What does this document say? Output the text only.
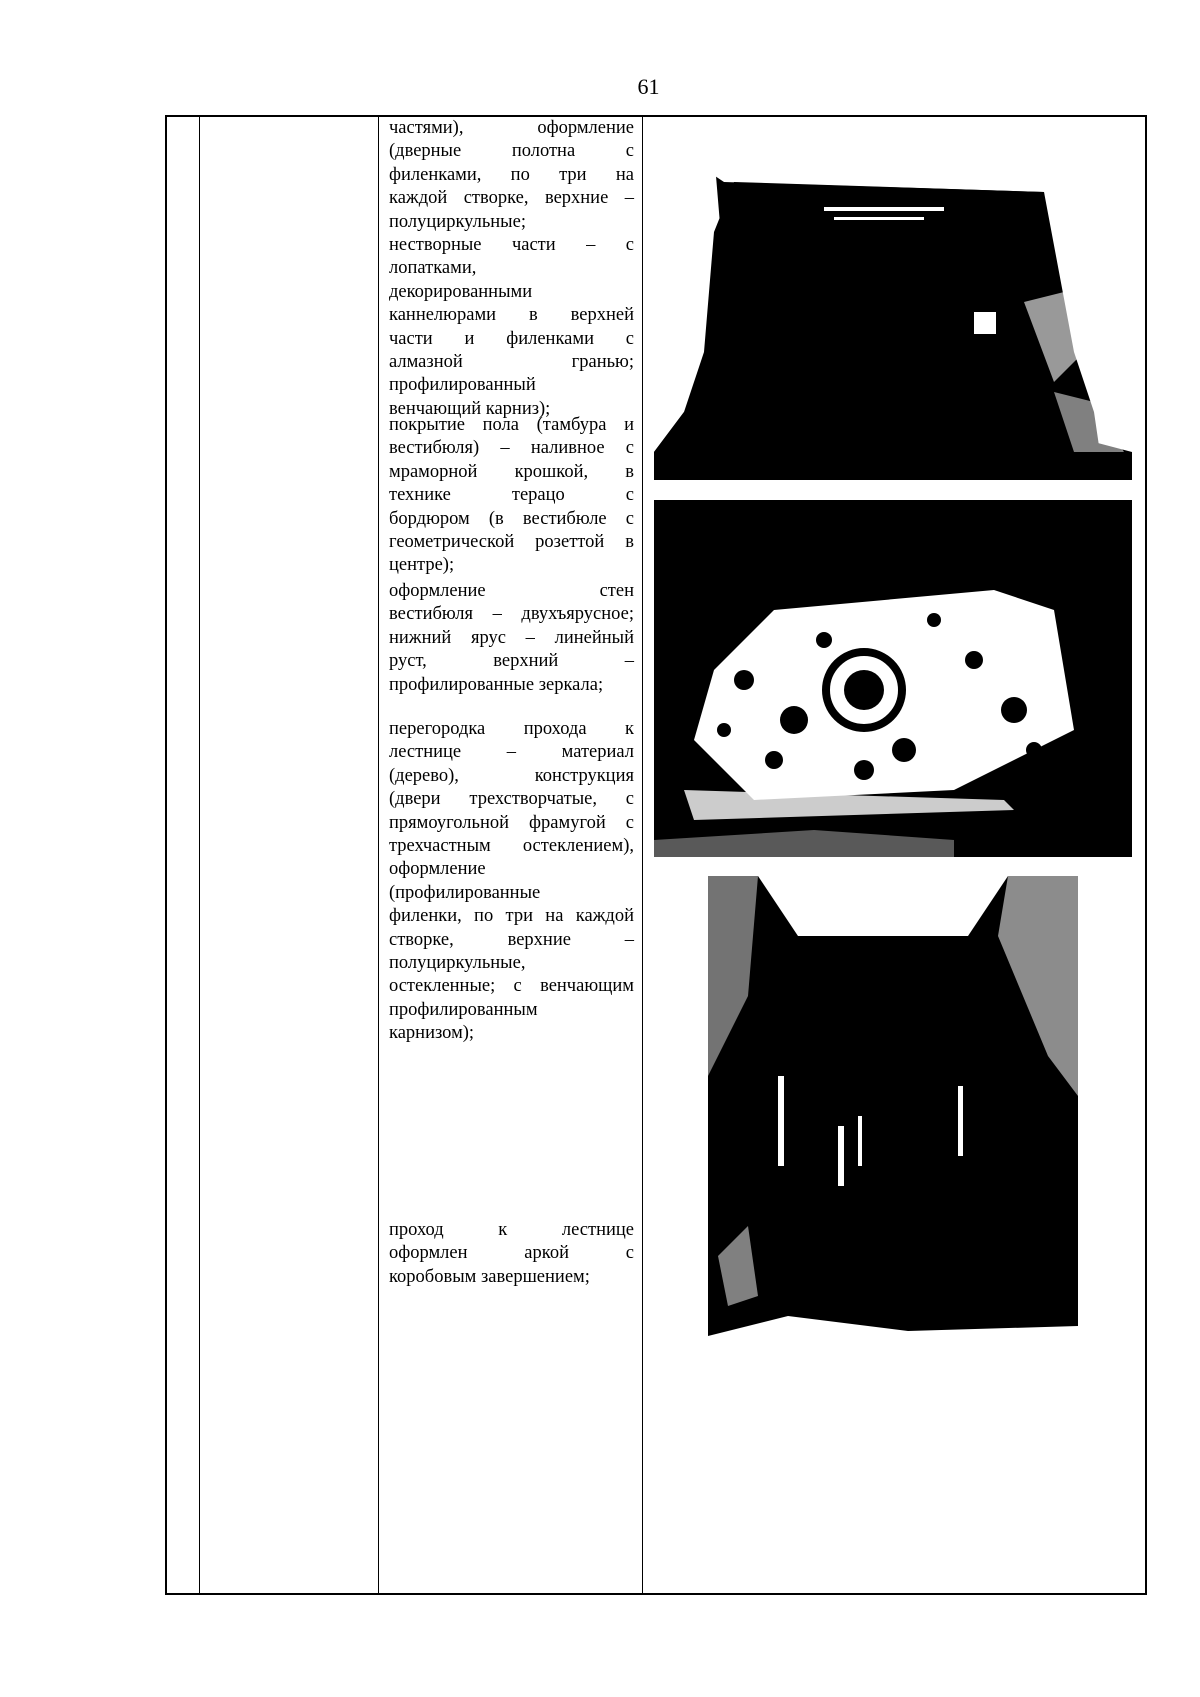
61
частями), оформление
(дверные полотна с
филенками, по три на
каждой створке, верхние –
полуциркульные;
нестворные части – с
лопатками,
декорированными
каннелюрами в верхней
части и филенками с
алмазной гранью;
профилированный
венчающий карниз);
покрытие пола (тамбура и
вестибюля) – наливное с
мраморной крошкой, в
технике терацо с
бордюром (в вестибюле с
геометрической розеттой в
центре);
оформление стен
вестибюля – двухъярусное;
нижний ярус – линейный
руст, верхний –
профилированные зеркала;
перегородка прохода к
лестнице – материал
(дерево), конструкция
(двери трехстворчатые, с
прямоугольной фрамугой с
трехчастным остеклением),
оформление
(профилированные
филенки, по три на каждой
створке, верхние –
полуциркульные,
остекленные; с венчающим
профилированным
карнизом);
проход к лестнице
оформлен аркой с
коробовым завершением;
